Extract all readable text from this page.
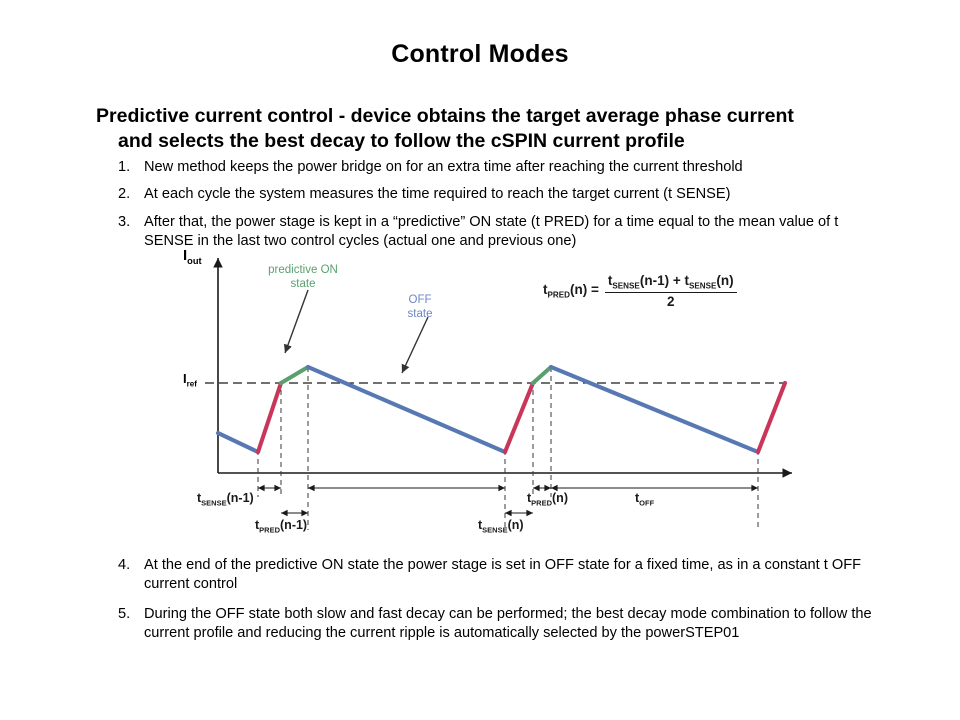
Control Modes
Predictive current control - device obtains the target average phase current
and selects the best decay to follow the cSPIN current profile
1. New method keeps the power bridge on for an extra time after reaching the current threshold
2. At each cycle the system measures the time required to reach the target current (t SENSE)
3. After that, the power stage is kept in a “predictive” ON state (t PRED) for a time equal to the mean value of t SENSE in the last two control cycles (actual one and previous one)
$I_{out}$
$I_{ref}$
predictive ON
state
OFF
state
$t_{PRED}(n) = \frac{t_{SENSE}(n-1) + t_{SENSE}(n)}{2}$
$t_{SENSE}(n-1)$
$t_{PRED}(n-1)$	$t_{SENSE}(n)$
$t_{PRED}(n)$	$t_{OFF}$
4. At the end of the predictive ON state the power stage is set in OFF state for a fixed time, as in a constant t OFF current control
5. During the OFF state both slow and fast decay can be performed; the best decay mode combination to follow the current profile and reducing the current ripple is automatically selected by the powerSTEP01
